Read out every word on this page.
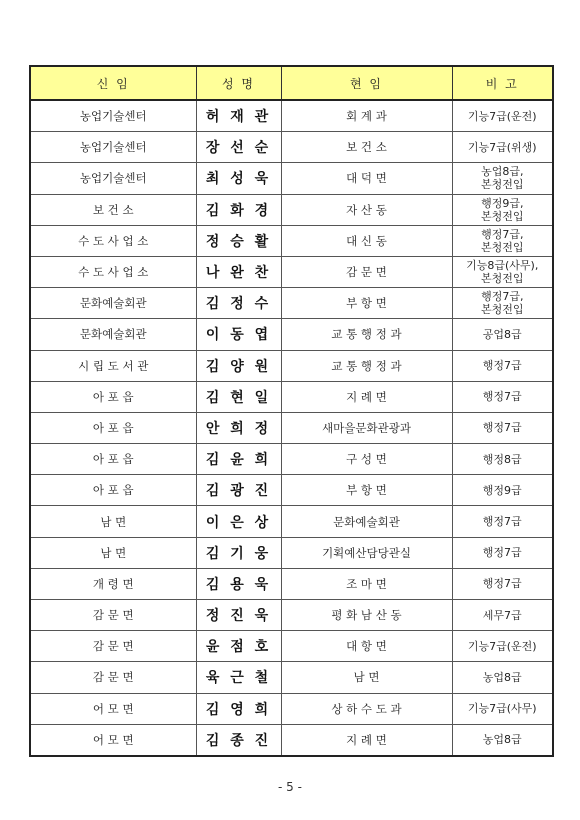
신 임	성 명	현 임	비 고
농업기술센터	허 재 관	회 계 과	기능7급(운전)

농업기술센터	장 선 순	보 건 소	기능7급(위생)

농업기술센터	최 성 욱	대 덕 면	농업8급,
본청전입

보 건 소	김 화 경	자 산 동	행정9급,
본청전입

수 도 사 업 소	정 승 활	대 신 동	행정7급,
본청전입

수 도 사 업 소	나 완 찬	감 문 면	기능8급(사무),
본청전입

문화예술회관	김 정 수	부 항 면	행정7급,
본청전입

문화예술회관	이 동 엽	교 통 행 정 과	공업8급

시 립 도 서 관	김 양 원	교 통 행 정 과	행정7급

아 포 읍	김 현 일	지 례 면	행정7급

아 포 읍	안 희 정	새마을문화관광과	행정7급

아 포 읍	김 윤 희	구 성 면	행정8급

아 포 읍	김 광 진	부 항 면	행정9급

남 면	이 은 상	문화예술회관	행정7급

남 면	김 기 웅	기획예산담당관실	행정7급

개 령 면	김 용 욱	조 마 면	행정7급

감 문 면	정 진 욱	평 화 남 산 동	세무7급

감 문 면	윤 점 호	대 항 면	기능7급(운전)

감 문 면	육 근 철	남 면	농업8급

어 모 면	김 영 희	상 하 수 도 과	기능7급(사무)

어 모 면	김 종 진	지 례 면	농업8급
- 5 -
